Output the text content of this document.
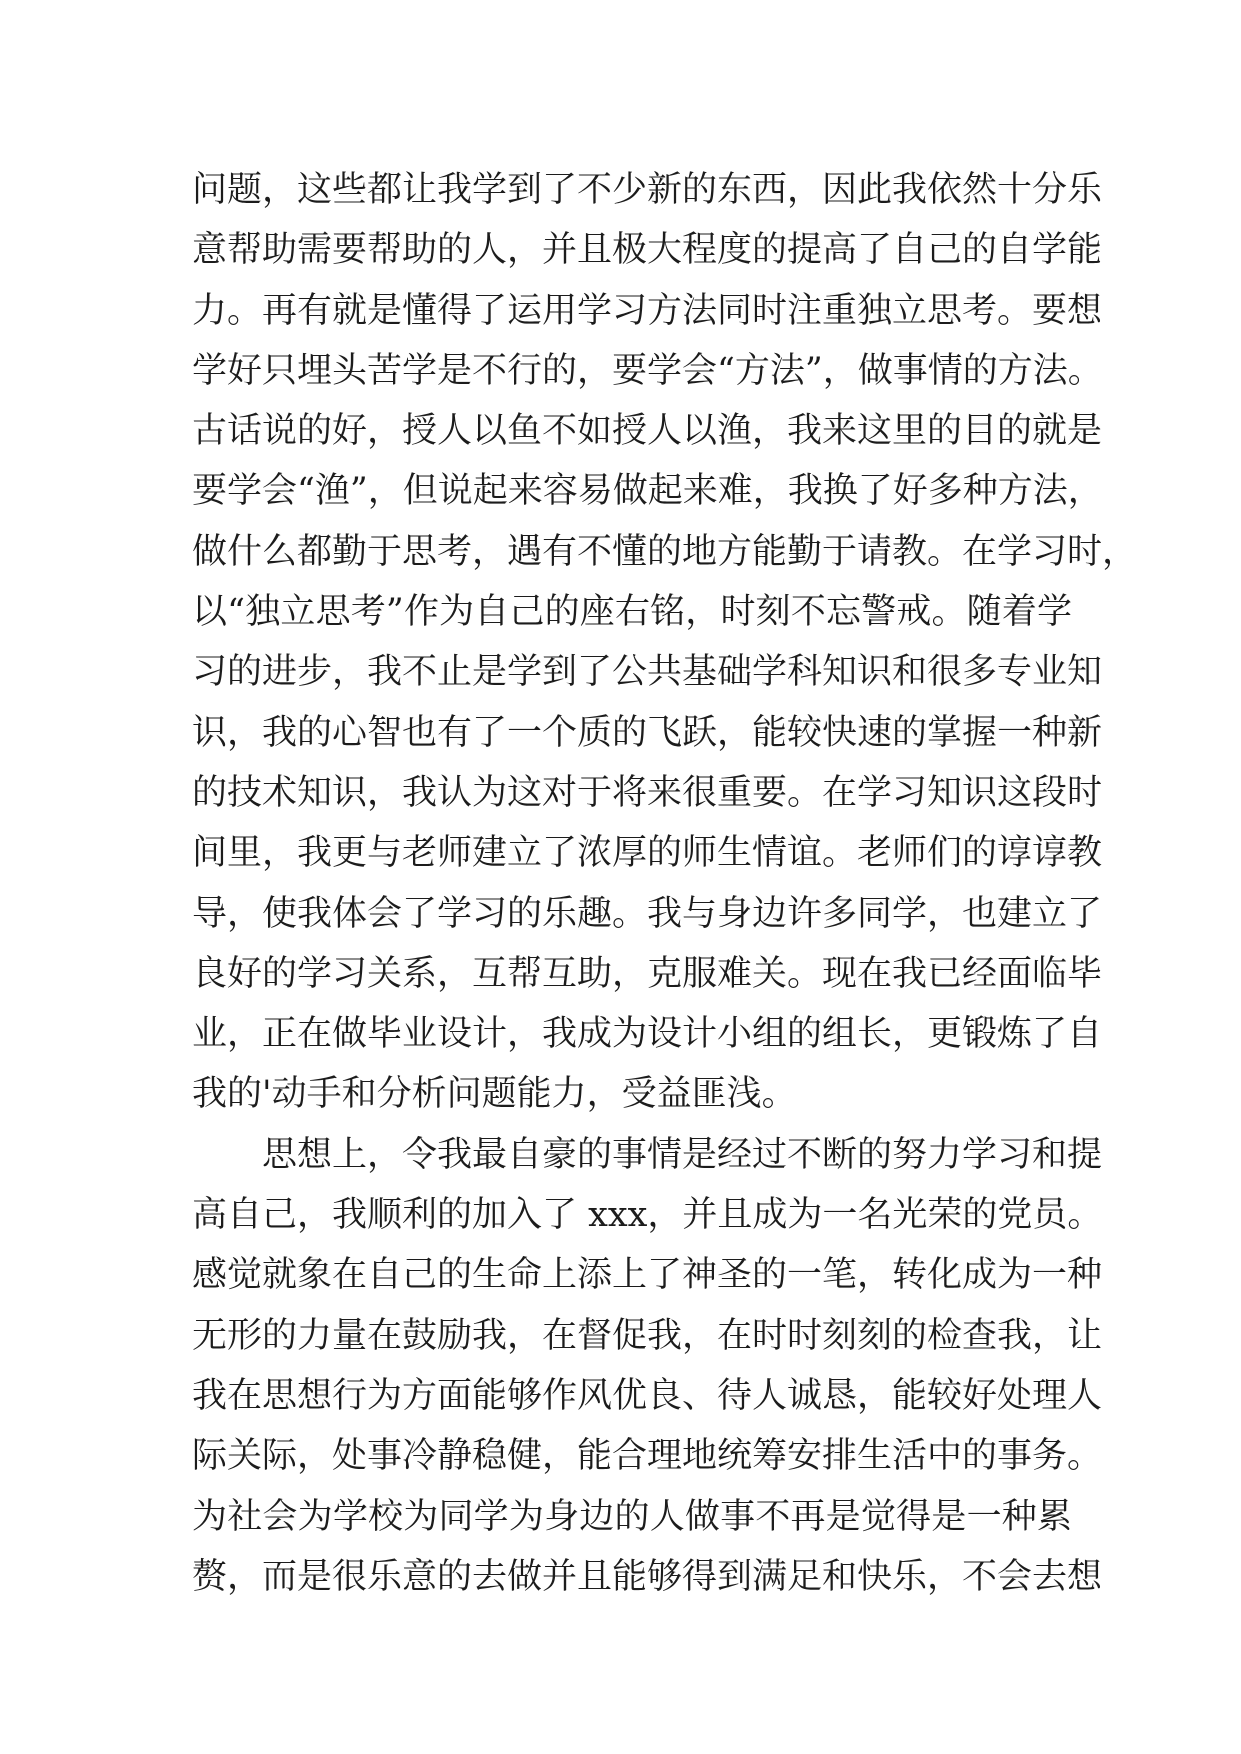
问题，这些都让我学到了不少新的东西，因此我依然十分乐
意帮助需要帮助的人，并且极大程度的提高了自己的自学能
力。再有就是懂得了运用学习方法同时注重独立思考。要想
学好只埋头苦学是不行的，要学会“方法”，做事情的方法。
古话说的好，授人以鱼不如授人以渔，我来这里的目的就是
要学会“渔”，但说起来容易做起来难，我换了好多种方法，
做什么都勤于思考，遇有不懂的地方能勤于请教。在学习时，
以“独立思考”作为自己的座右铭，时刻不忘警戒。随着学
习的进步，我不止是学到了公共基础学科知识和很多专业知
识，我的心智也有了一个质的飞跃，能较快速的掌握一种新
的技术知识，我认为这对于将来很重要。在学习知识这段时
间里，我更与老师建立了浓厚的师生情谊。老师们的谆谆教
导，使我体会了学习的乐趣。我与身边许多同学，也建立了
良好的学习关系，互帮互助，克服难关。现在我已经面临毕
业，正在做毕业设计，我成为设计小组的组长，更锻炼了自
我的'动手和分析问题能力，受益匪浅。
思想上，令我最自豪的事情是经过不断的努力学习和提
高自己，我顺利的加入了 xxx，并且成为一名光荣的党员。
感觉就象在自己的生命上添上了神圣的一笔，转化成为一种
无形的力量在鼓励我，在督促我，在时时刻刻的检查我，让
我在思想行为方面能够作风优良、待人诚恳，能较好处理人
际关际，处事冷静稳健，能合理地统筹安排生活中的事务。
为社会为学校为同学为身边的人做事不再是觉得是一种累
赘，而是很乐意的去做并且能够得到满足和快乐，不会去想
